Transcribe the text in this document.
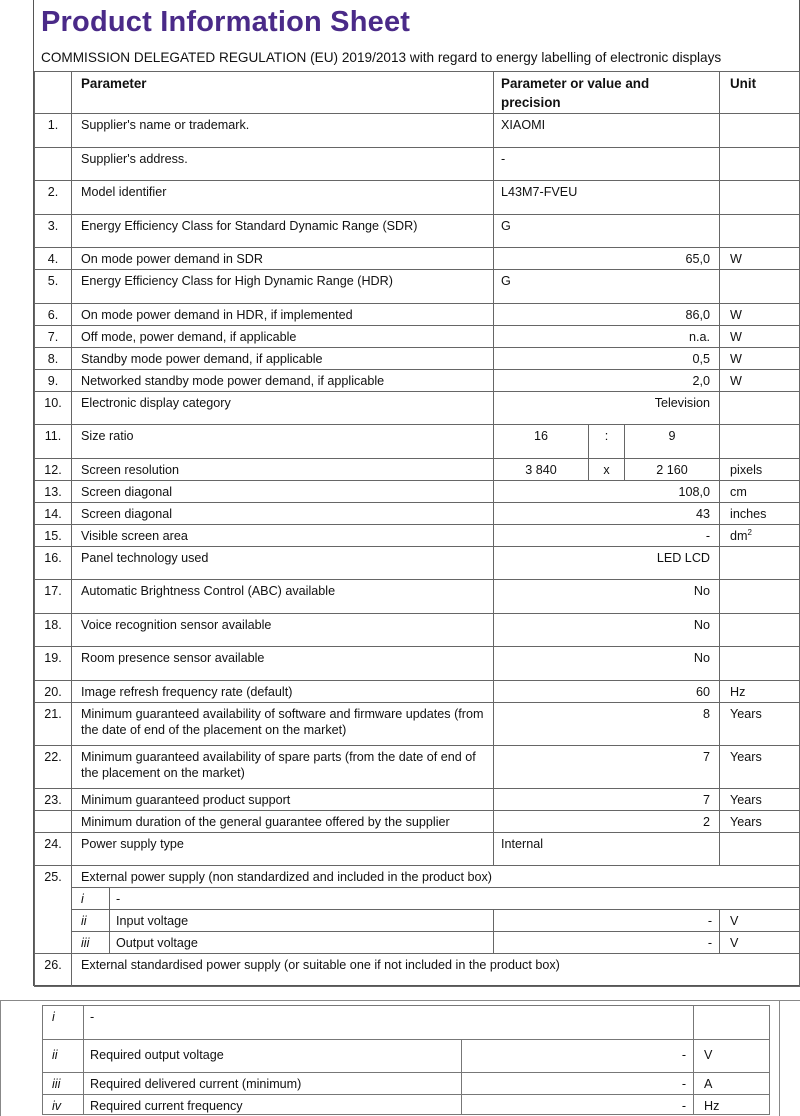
Product Information Sheet
COMMISSION DELEGATED REGULATION (EU) 2019/2013 with regard to energy labelling of electronic displays
	Parameter		Parameter or value and precision			Unit
1.	Supplier's name or trademark.		XIAOMI			
	Supplier's address.		-			
2.	Model identifier		L43M7-FVEU			
3.	Energy Efficiency Class for Standard Dynamic Range (SDR)		G			
4.	On mode power demand in SDR		65,0			W
5.	Energy Efficiency Class for High Dynamic Range (HDR)		G			
6.	On mode power demand in HDR, if implemented		86,0			W
7.	Off mode, power demand, if applicable		n.a.			W
8.	Standby mode power demand, if applicable		0,5			W
9.	Networked standby mode power demand, if applicable		2,0			W
10.	Electronic display category		Television			
11.	Size ratio		16	:	9	
12.	Screen resolution		3 840	x	2 160	pixels
13.	Screen diagonal		108,0			cm
14.	Screen diagonal		43			inches
15.	Visible screen area		-			$dm^2$
16.	Panel technology used		LED LCD			
17.	Automatic Brightness Control (ABC) available		No			
18.	Voice recognition sensor available		No			
19.	Room presence sensor available		No			
20.	Image refresh frequency rate (default)		60			Hz
21.	Minimum guaranteed availability of software and firmware updates (from the date of end of the placement on the market)		8			Years
22.	Minimum guaranteed availability of spare parts (from the date of end of the placement on the market)		7			Years
23.	Minimum guaranteed product support		7			Years
	Minimum duration of the general guarantee offered by the supplier		2			Years
24.	Power supply type		Internal			
25.	External power supply (non standardized and included in the product box)					
	i	-				
	ii	Input voltage	-			V
	iii	Output voltage	-			V
26.	External standardised power supply (or suitable one if not included in the product box)					
i	-		
ii	Required output voltage	-	V
iii	Required delivered current (minimum)	-	A
iv	Required current frequency	-	Hz
